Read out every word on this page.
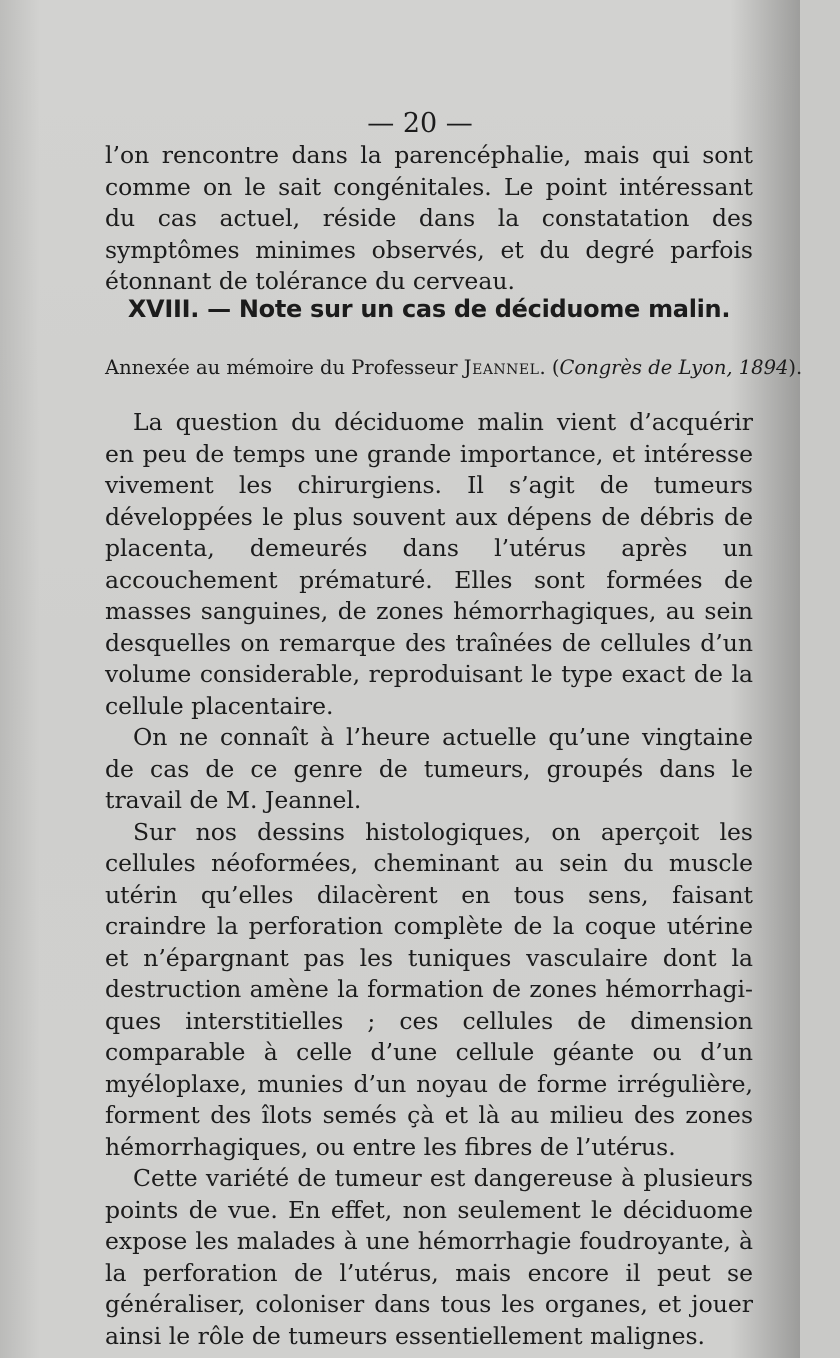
— 20 —

l’on rencontre dans la parencéphalie, mais qui sont comme on le sait congénitales. Le point intéressant du cas actuel, réside dans la constatation des symptômes minimes observés, et du degré parfois étonnant de tolérance du cerveau.

XVIII. — Note sur un cas de déciduome malin.
Annexée au mémoire du Professeur Jeannel. (Congrès de Lyon, 1894).

La question du déciduome malin vient d’acquérir en peu de temps une grande importance, et intéresse vivement les chirurgiens. Il s’agit de tumeurs développées le plus souvent aux dépens de débris de placenta, demeurés dans l’utérus après un accouchement prématuré. Elles sont formées de masses sanguines, de zones hémorrhagiques, au sein desquelles on remarque des traînées de cellules d’un volume considerable, reproduisant le type exact de la cellule placentaire.

On ne connaît à l’heure actuelle qu’une vingtaine de cas de ce genre de tumeurs, groupés dans le travail de M. Jeannel.

Sur nos dessins histologiques, on aperçoit les cellules néoformées, cheminant au sein du muscle utérin qu’elles dilacèrent en tous sens, faisant craindre la perforation complète de la coque utérine et n’épargnant pas les tuniques vasculaire dont la destruction amène la formation de zones hémorrhagiques interstitielles ; ces cellules de dimension comparable à celle d’une cellule géante ou d’un myéloplaxe, munies d’un noyau de forme irrégulière, forment des îlots semés çà et là au milieu des zones hémorrhagiques, ou entre les fibres de l’utérus.

Cette variété de tumeur est dangereuse à plusieurs points de vue. En effet, non seulement le déciduome expose les malades à une hémorrhagie foudroyante, à la perforation de l’utérus, mais encore il peut se généraliser, coloniser dans tous les organes, et jouer ainsi le rôle de tumeurs essentiellement malignes.
